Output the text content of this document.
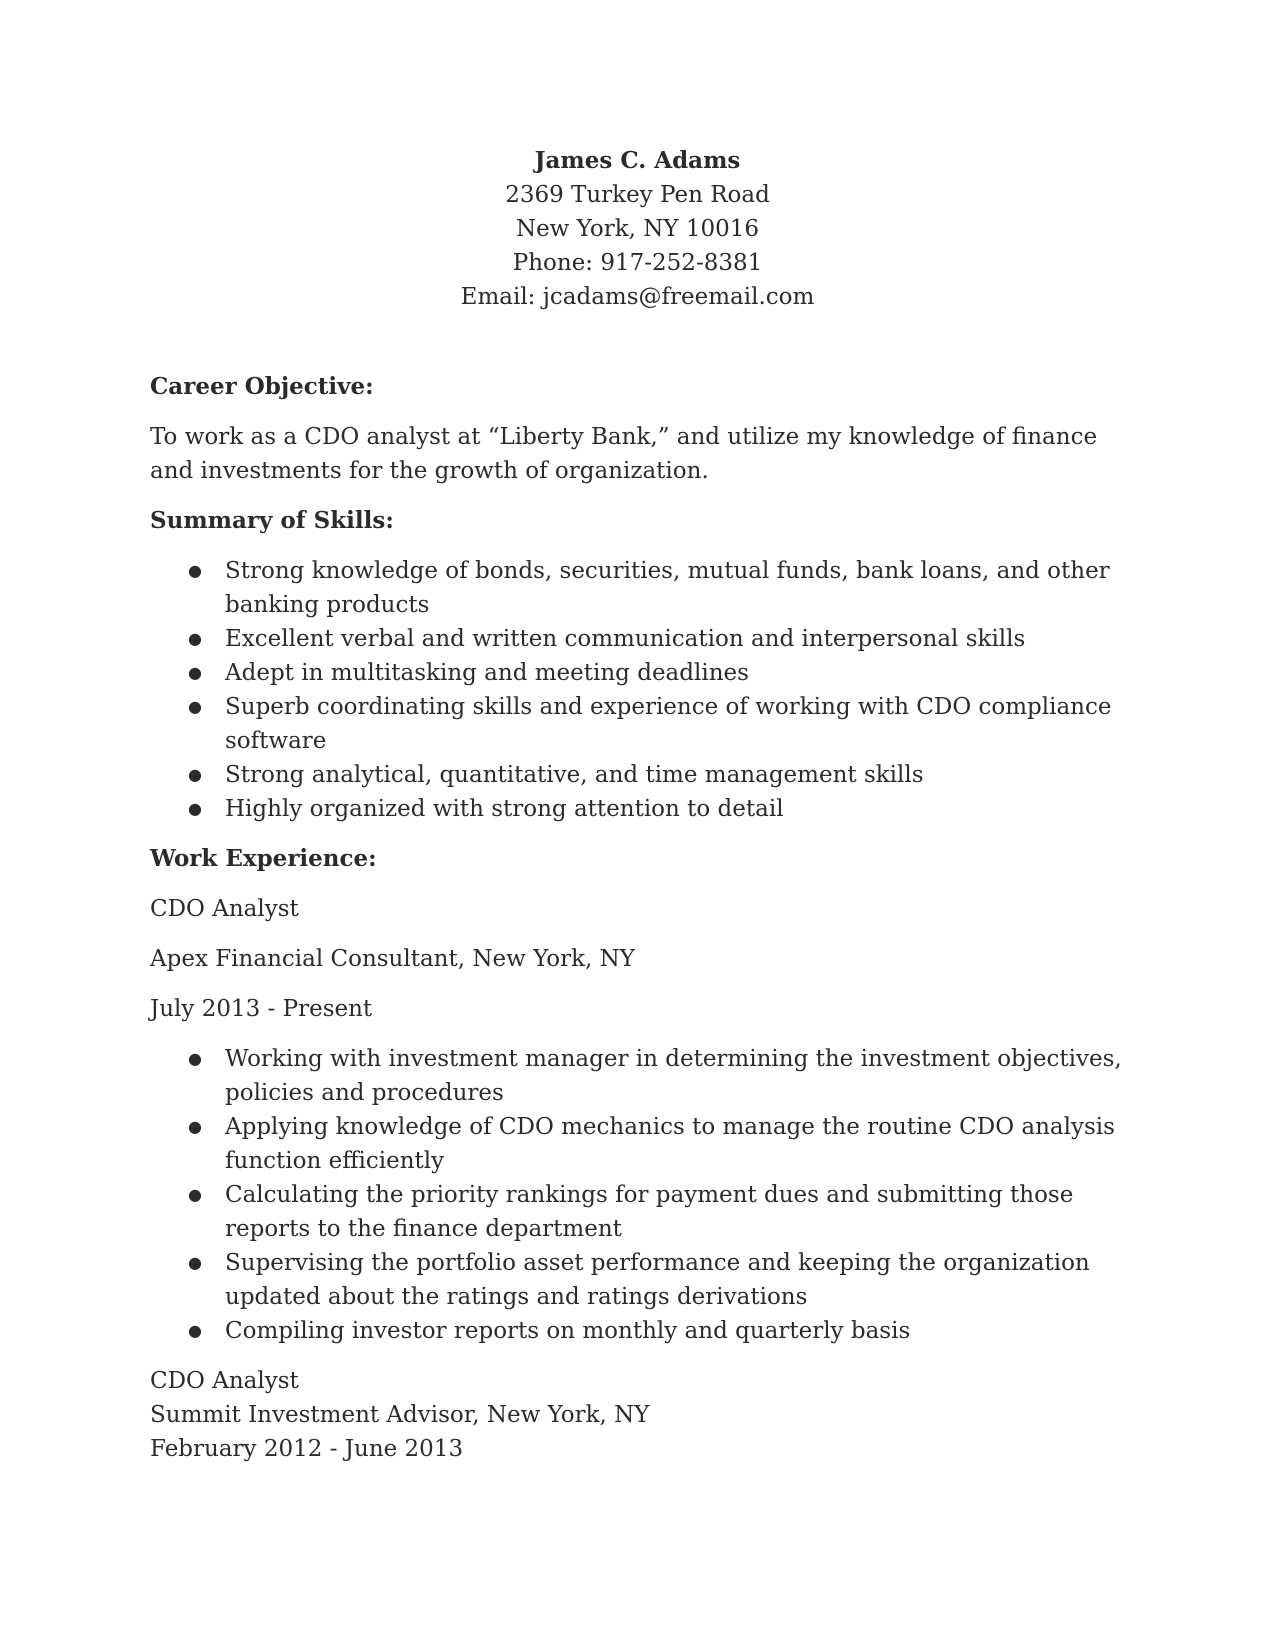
James C. Adams
2369 Turkey Pen Road
New York, NY 10016
Phone: 917-252-8381
Email: jcadams@freemail.com

Career Objective:

To work as a CDO analyst at “Liberty Bank,” and utilize my knowledge of finance and investments for the growth of organization.

Summary of Skills:

● Strong knowledge of bonds, securities, mutual funds, bank loans, and other banking products
● Excellent verbal and written communication and interpersonal skills
● Adept in multitasking and meeting deadlines
● Superb coordinating skills and experience of working with CDO compliance software
● Strong analytical, quantitative, and time management skills
● Highly organized with strong attention to detail

Work Experience:

CDO Analyst

Apex Financial Consultant, New York, NY

July 2013 - Present

● Working with investment manager in determining the investment objectives, policies and procedures
● Applying knowledge of CDO mechanics to manage the routine CDO analysis function efficiently
● Calculating the priority rankings for payment dues and submitting those reports to the finance department
● Supervising the portfolio asset performance and keeping the organization updated about the ratings and ratings derivations
● Compiling investor reports on monthly and quarterly basis

CDO Analyst

Summit Investment Advisor, New York, NY

February 2012 - June 2013
